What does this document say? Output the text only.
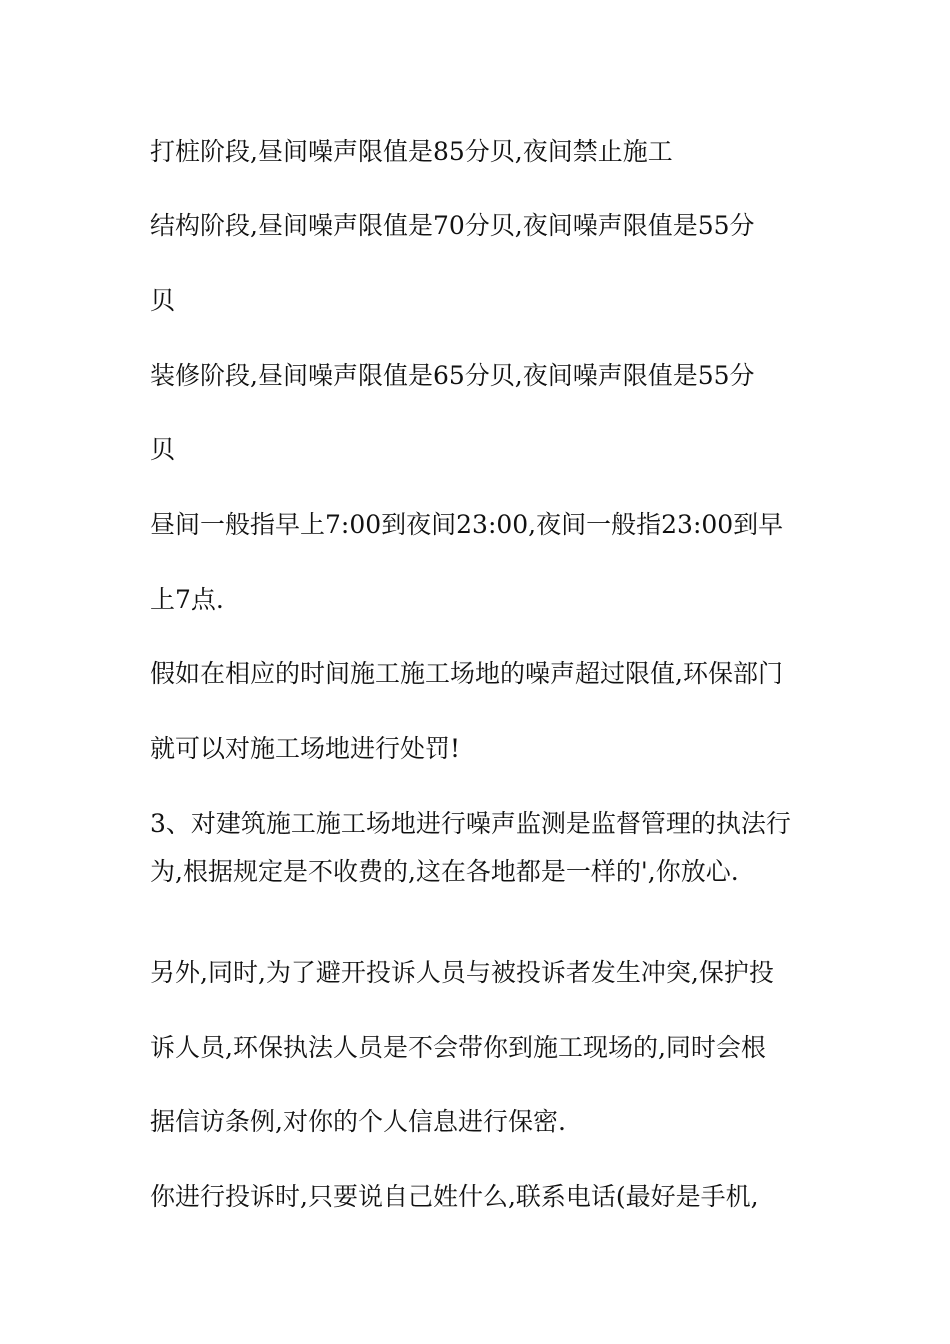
打桩阶段,昼间噪声限值是85分贝,夜间禁止施工
结构阶段,昼间噪声限值是70分贝,夜间噪声限值是55分
贝
装修阶段,昼间噪声限值是65分贝,夜间噪声限值是55分
贝
昼间一般指早上7:00到夜间23:00,夜间一般指23:00到早
上7点.
假如在相应的时间施工施工场地的噪声超过限值,环保部门
就可以对施工场地进行处罚!
3、对建筑施工施工场地进行噪声监测是监督管理的执法行
为,根据规定是不收费的,这在各地都是一样的',你放心.
另外,同时,为了避开投诉人员与被投诉者发生冲突,保护投
诉人员,环保执法人员是不会带你到施工现场的,同时会根
据信访条例,对你的个人信息进行保密.
你进行投诉时,只要说自己姓什么,联系电话(最好是手机,
